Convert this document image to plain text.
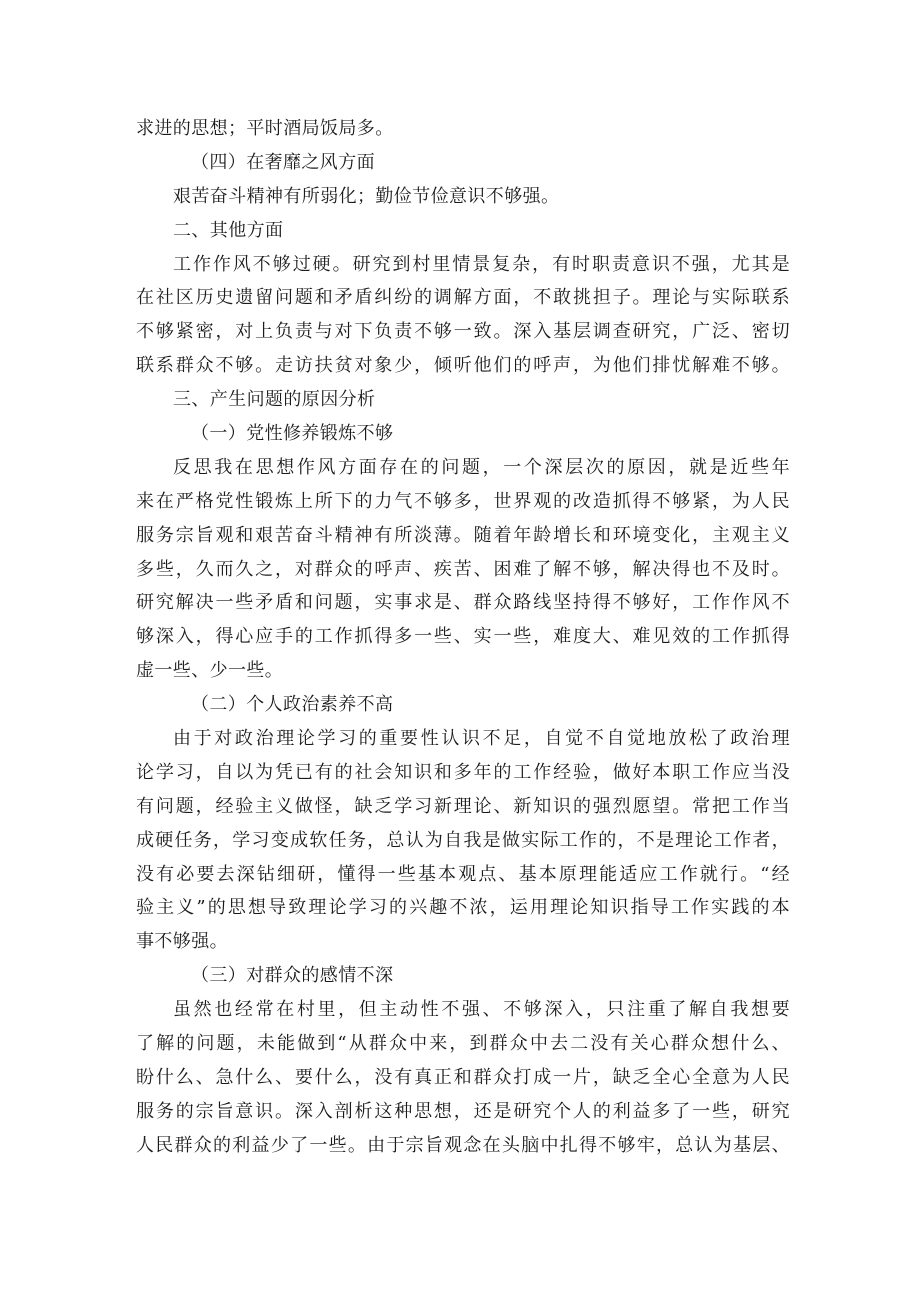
求进的思想；平时酒局饭局多。
（四）在奢靡之风方面
艰苦奋斗精神有所弱化；勤俭节俭意识不够强。
二、其他方面
工作作风不够过硬。研究到村里情景复杂，有时职责意识不强，尤其是
在社区历史遗留问题和矛盾纠纷的调解方面，不敢挑担子。理论与实际联系
不够紧密，对上负责与对下负责不够一致。深入基层调查研究，广泛、密切
联系群众不够。走访扶贫对象少，倾听他们的呼声，为他们排忧解难不够。
三、产生问题的原因分析
（一）党性修养锻炼不够
反思我在思想作风方面存在的问题，一个深层次的原因，就是近些年
来在严格党性锻炼上所下的力气不够多，世界观的改造抓得不够紧，为人民
服务宗旨观和艰苦奋斗精神有所淡薄。随着年龄增长和环境变化，主观主义
多些，久而久之，对群众的呼声、疾苦、困难了解不够，解决得也不及时。
研究解决一些矛盾和问题，实事求是、群众路线坚持得不够好，工作作风不
够深入，得心应手的工作抓得多一些、实一些，难度大、难见效的工作抓得
虚一些、少一些。
（二）个人政治素养不高
由于对政治理论学习的重要性认识不足，自觉不自觉地放松了政治理
论学习，自以为凭已有的社会知识和多年的工作经验，做好本职工作应当没
有问题，经验主义做怪，缺乏学习新理论、新知识的强烈愿望。常把工作当
成硬任务，学习变成软任务，总认为自我是做实际工作的，不是理论工作者，
没有必要去深钻细研，懂得一些基本观点、基本原理能适应工作就行。“经
验主义”的思想导致理论学习的兴趣不浓，运用理论知识指导工作实践的本
事不够强。
（三）对群众的感情不深
虽然也经常在村里，但主动性不强、不够深入，只注重了解自我想要
了解的问题，未能做到“从群众中来，到群众中去二没有关心群众想什么、
盼什么、急什么、要什么，没有真正和群众打成一片，缺乏全心全意为人民
服务的宗旨意识。深入剖析这种思想，还是研究个人的利益多了一些，研究
人民群众的利益少了一些。由于宗旨观念在头脑中扎得不够牢，总认为基层、
